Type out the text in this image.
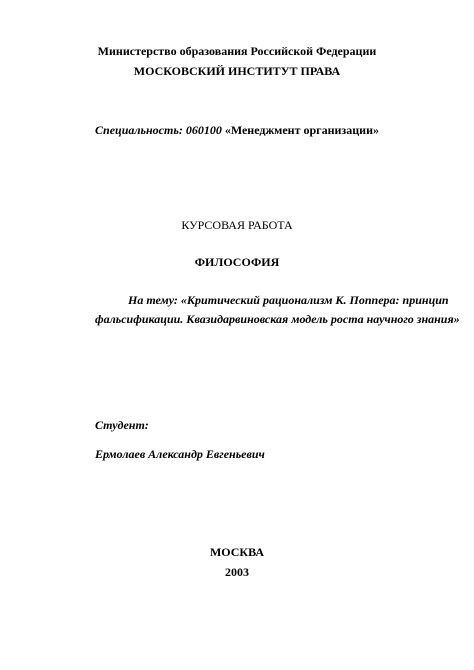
Министерство образования Российской Федерации
МОСКОВСКИЙ ИНСТИТУТ ПРАВА
Специальность: 060100 «Менеджмент организации»
КУРСОВАЯ РАБОТА
ФИЛОСОФИЯ
На тему: «Критический рационализм К. Поппера: принцип
фальсификации. Квазидарвиновская модель роста научного знания»
Студент:
Ермолаев Александр Евгеньевич
МОСКВА
2003
